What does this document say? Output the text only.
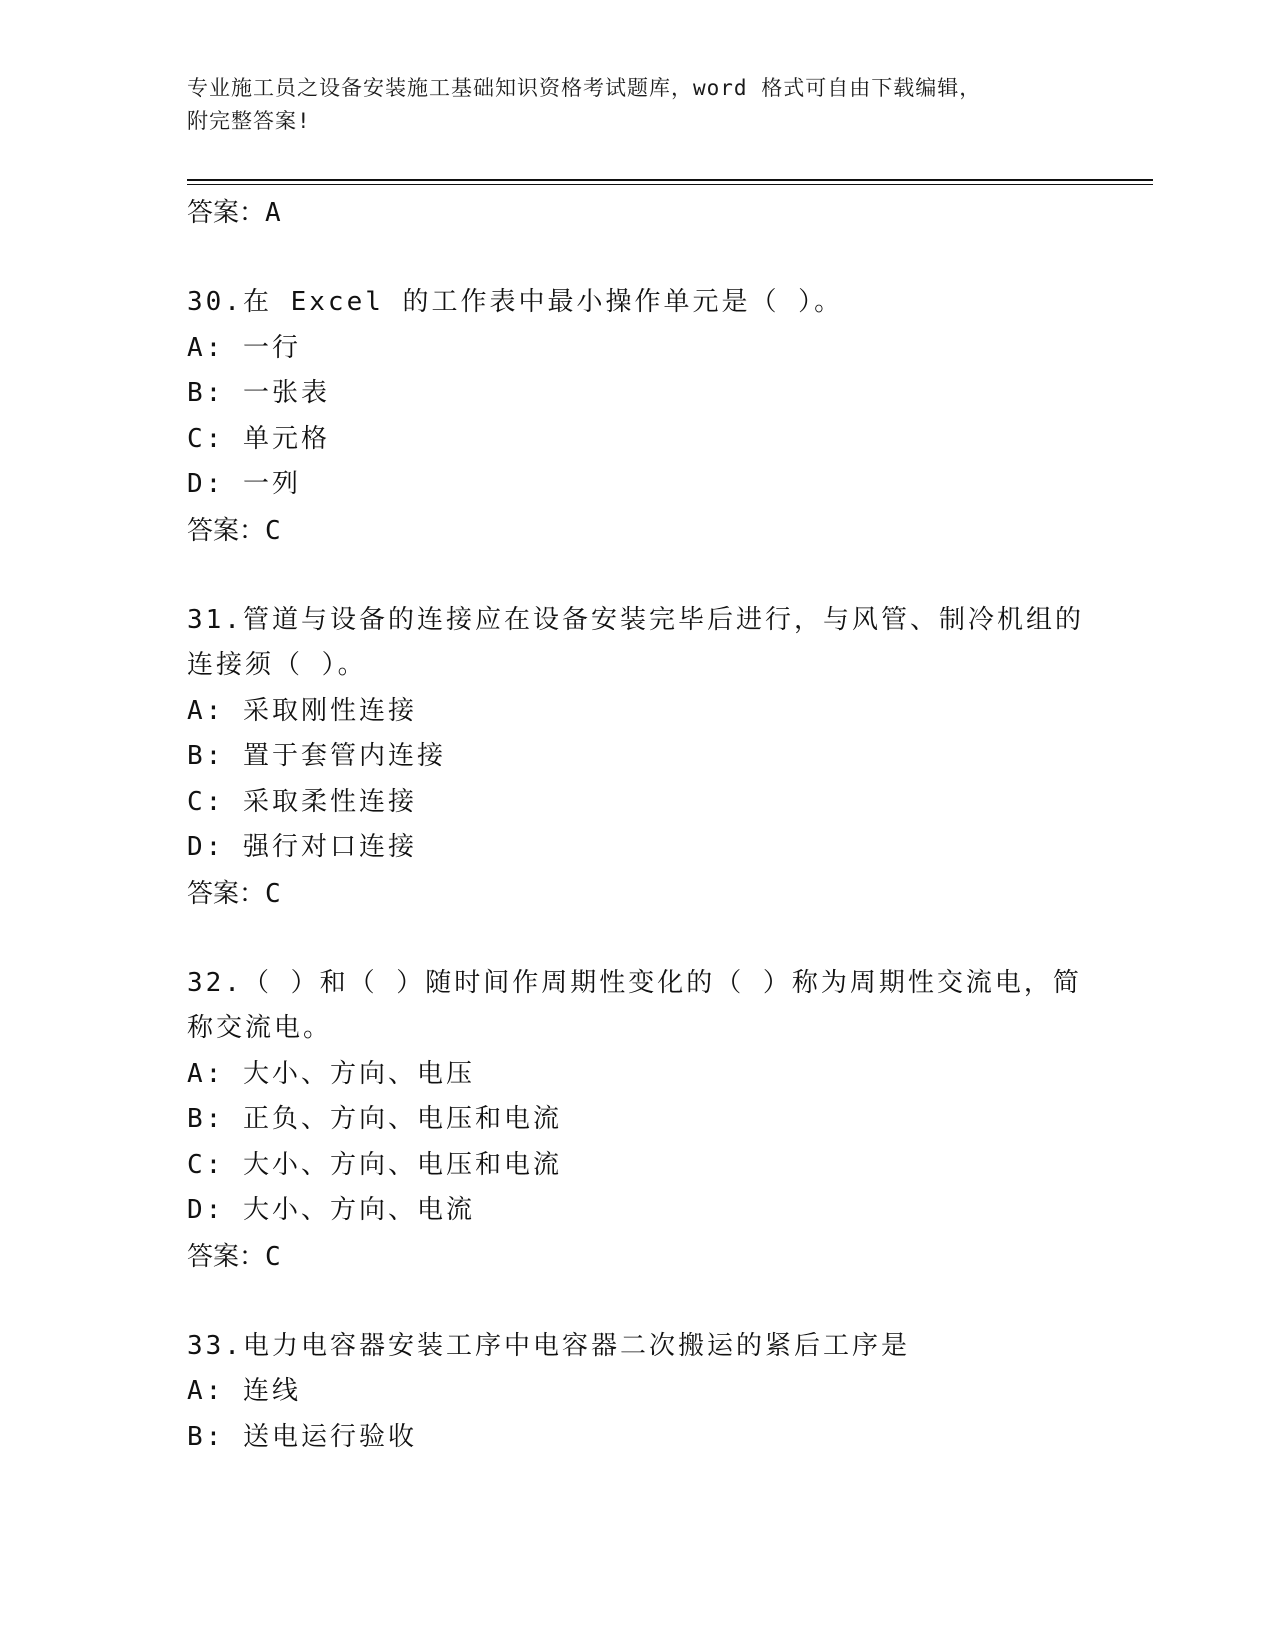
专业施工员之设备安装施工基础知识资格考试题库，word 格式可自由下载编辑，
附完整答案!
答案：A
30.在 Excel 的工作表中最小操作单元是（ ）。
A: 一行
B: 一张表
C: 单元格
D: 一列
答案：C
31.管道与设备的连接应在设备安装完毕后进行，与风管、制冷机组的
连接须（ ）。
A: 采取刚性连接
B: 置于套管内连接
C: 采取柔性连接
D: 强行对口连接
答案：C
32.（ ）和（ ）随时间作周期性变化的（ ）称为周期性交流电，简
称交流电。
A: 大小、方向、电压
B: 正负、方向、电压和电流
C: 大小、方向、电压和电流
D: 大小、方向、电流
答案：C
33.电力电容器安装工序中电容器二次搬运的紧后工序是
A: 连线
B: 送电运行验收
